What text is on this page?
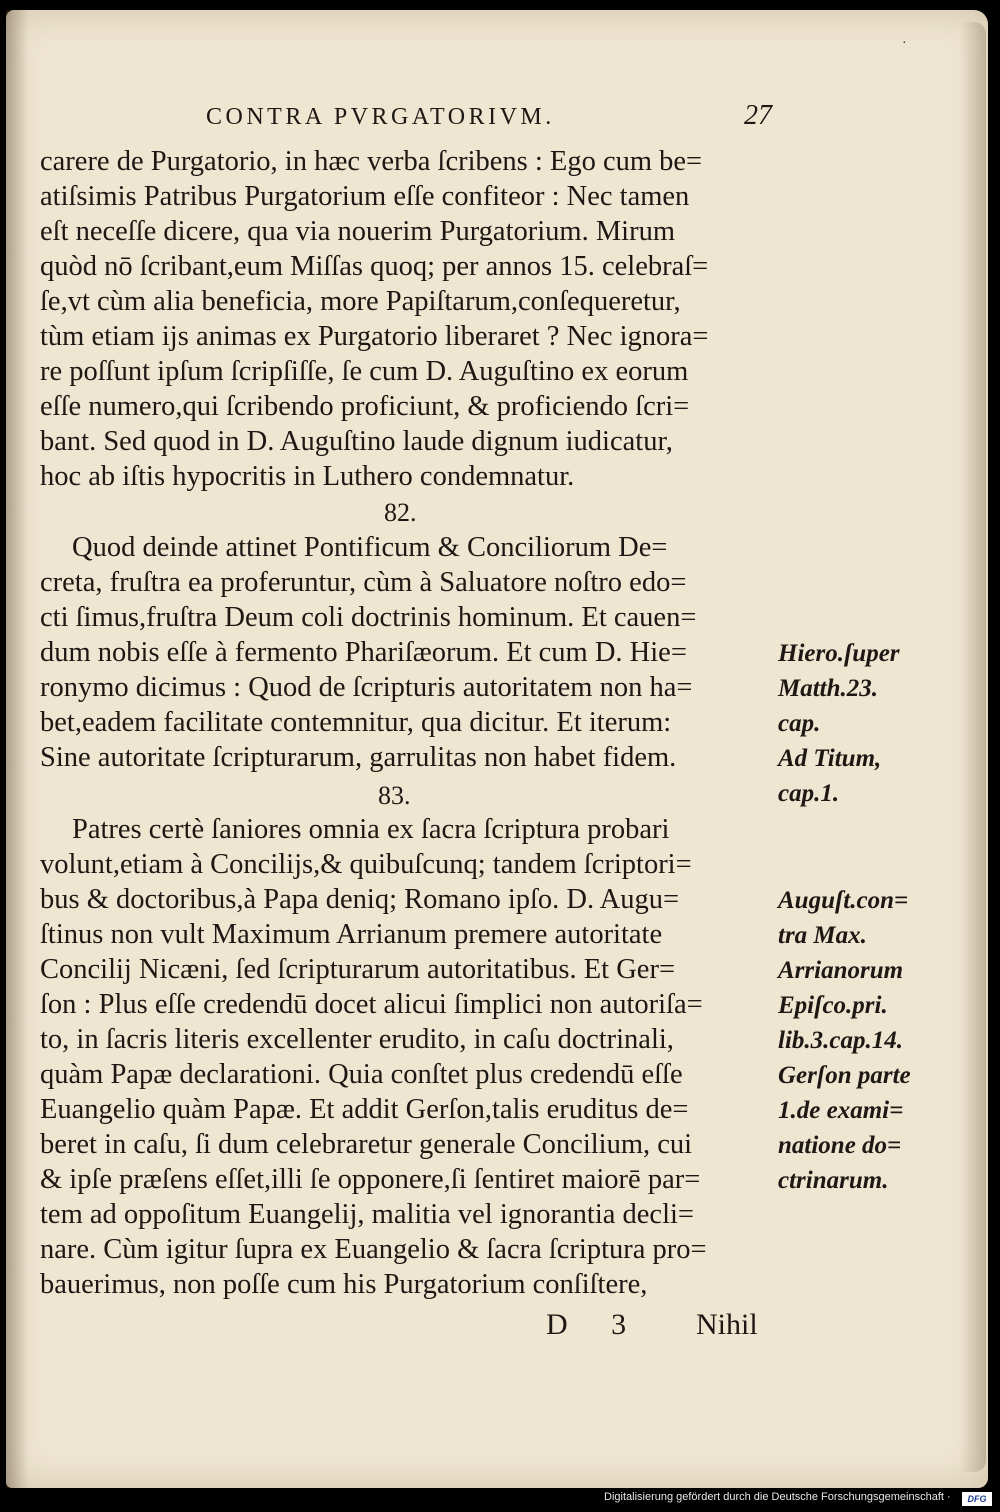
·
CONTRA PVRGATORIVM.	27
carere de Purgatorio, in hæc verba ſcribens : Ego cum be=
atiſsimis Patribus Purgatorium eſſe confiteor : Nec tamen
eſt neceſſe dicere, qua via nouerim Purgatorium. Mirum
quòd nō ſcribant,eum Miſſas quoq; per annos 15. celebraſ=
ſe,vt cùm alia beneficia, more Papiſtarum,conſequeretur,
tùm etiam ijs animas ex Purgatorio liberaret ? Nec ignora=
re poſſunt ipſum ſcripſiſſe, ſe cum D. Auguſtino ex eorum
eſſe numero,qui ſcribendo proficiunt, & proficiendo ſcri=
bant. Sed quod in D. Auguſtino laude dignum iudicatur,
hoc ab iſtis hypocritis in Luthero condemnatur.
82.
Quod deinde attinet Pontificum & Conciliorum De=
creta, fruſtra ea proferuntur, cùm à Saluatore noſtro edo=
cti ſimus,fruſtra Deum coli doctrinis hominum. Et cauen=
dum nobis eſſe à fermento Phariſæorum. Et cum D. Hie=
ronymo dicimus : Quod de ſcripturis autoritatem non ha=
bet,eadem facilitate contemnitur, qua dicitur. Et iterum:
Sine autoritate ſcripturarum, garrulitas non habet fidem.
83.
Patres certè ſaniores omnia ex ſacra ſcriptura probari
volunt,etiam à Concilijs,& quibuſcunq; tandem ſcriptori=
bus & doctoribus,à Papa deniq; Romano ipſo. D. Augu=
ſtinus non vult Maximum Arrianum premere autoritate
Concilij Nicæni, ſed ſcripturarum autoritatibus. Et Ger=
ſon : Plus eſſe credendū docet alicui ſimplici non autoriſa=
to, in ſacris literis excellenter erudito, in caſu doctrinali,
quàm Papæ declarationi. Quia conſtet plus credendū eſſe
Euangelio quàm Papæ. Et addit Gerſon,talis eruditus de=
beret in caſu, ſi dum celebraretur generale Concilium, cui
& ipſe præſens eſſet,illi ſe opponere,ſi ſentiret maiorē par=
tem ad oppoſitum Euangelij, malitia vel ignorantia decli=
nare. Cùm igitur ſupra ex Euangelio & ſacra ſcriptura pro=
bauerimus, non poſſe cum his Purgatorium conſiſtere,
Hiero.ſuper
Matth.23.
cap.
Ad Titum,
cap.1.
Auguſt.con=
tra Max.
Arrianorum
Epiſco.pri.
lib.3.cap.14.
Gerſon parte
1.de exami=
natione do=
ctrinarum.
D 3 Nihil
Digitalisierung gefördert durch die Deutsche Forschungsgemeinschaft ·	DFG
